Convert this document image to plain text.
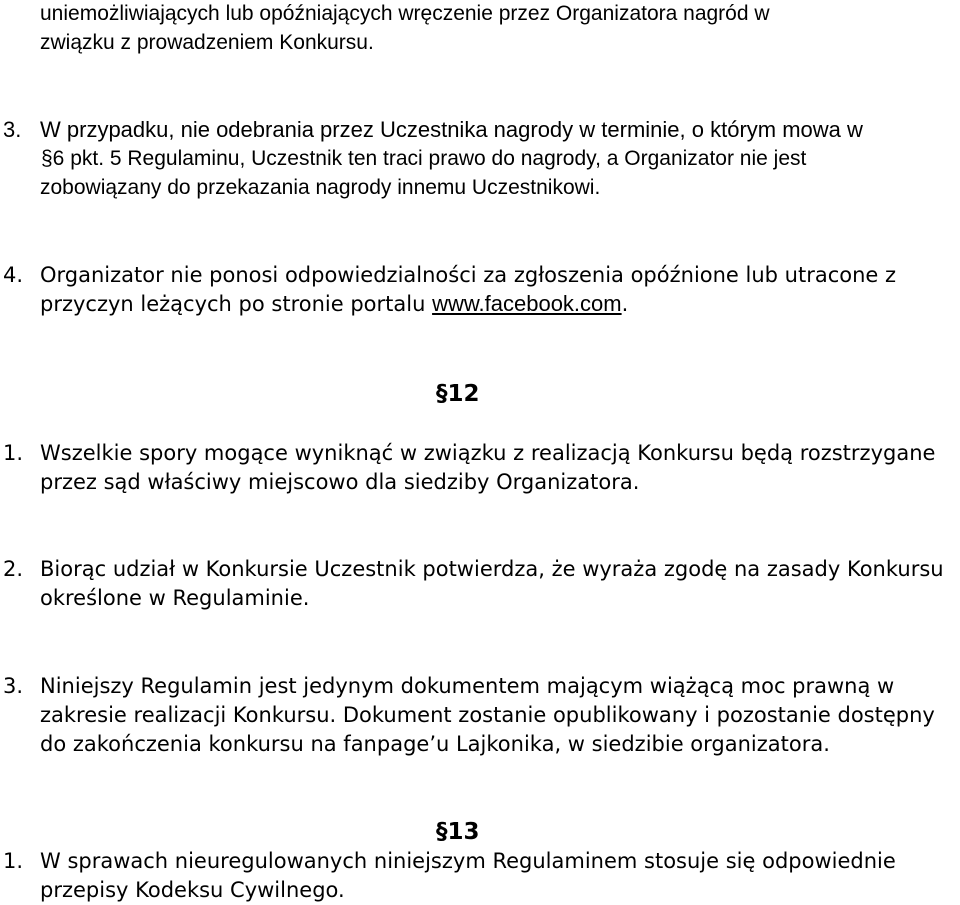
uniemożliwiających lub opóźniających wręczenie przez Organizatora nagród w
związku z prowadzeniem Konkursu.
3. W przypadku, nie odebrania przez Uczestnika nagrody w terminie, o którym mowa w
§6 pkt. 5 Regulaminu, Uczestnik ten traci prawo do nagrody, a Organizator nie jest
zobowiązany do przekazania nagrody innemu Uczestnikowi.
4. Organizator nie ponosi odpowiedzialności za zgłoszenia opóźnione lub utracone z
przyczyn leżących po stronie portalu www.facebook.com.
§12
1. Wszelkie spory mogące wyniknąć w związku z realizacją Konkursu będą rozstrzygane
przez sąd właściwy miejscowo dla siedziby Organizatora.
2. Biorąc udział w Konkursie Uczestnik potwierdza, że wyraża zgodę na zasady Konkursu
określone w Regulaminie.
3. Niniejszy Regulamin jest jedynym dokumentem mającym wiążącą moc prawną w
zakresie realizacji Konkursu. Dokument zostanie opublikowany i pozostanie dostępny
do zakończenia konkursu na fanpage’u Lajkonika, w siedzibie organizatora.
§13
1. W sprawach nieuregulowanych niniejszym Regulaminem stosuje się odpowiednie
przepisy Kodeksu Cywilnego.
